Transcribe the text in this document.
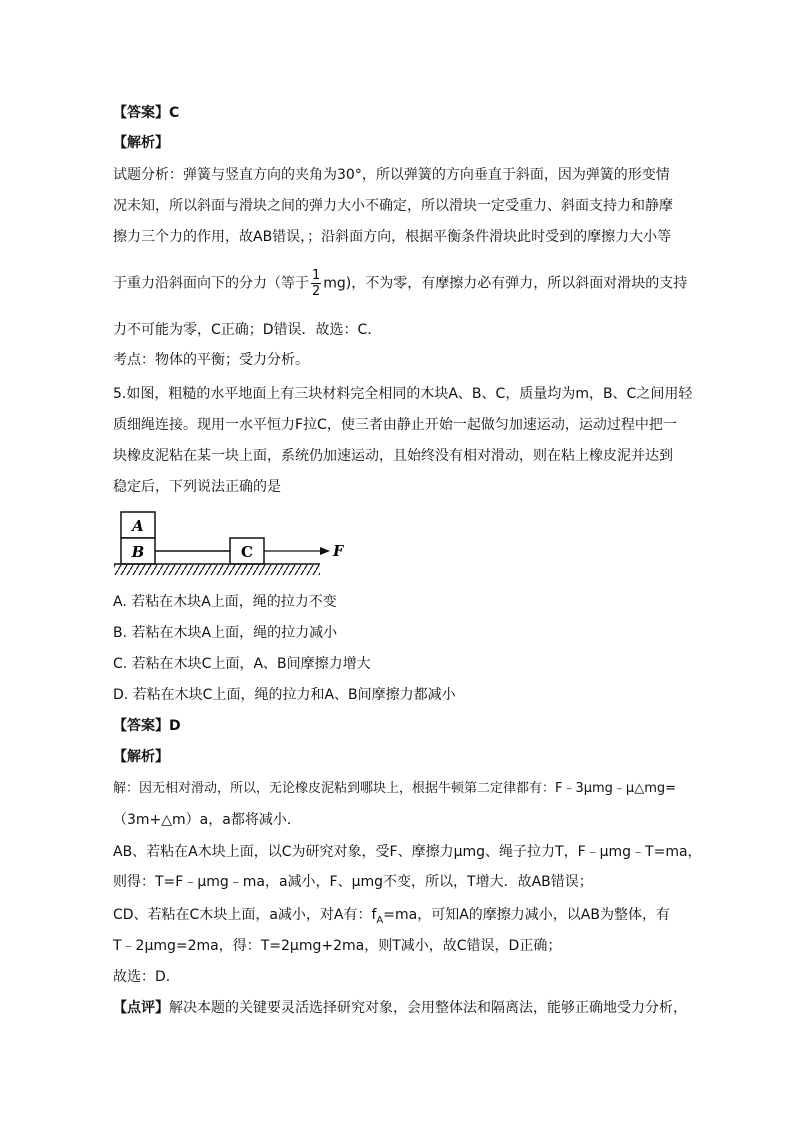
【答案】C
【解析】
试题分析：弹簧与竖直方向的夹角为30°，所以弹簧的方向垂直于斜面，因为弹簧的形变情
况未知，所以斜面与滑块之间的弹力大小不确定，所以滑块一定受重力、斜面支持力和静摩
擦力三个力的作用，故AB错误，；沿斜面方向，根据平衡条件滑块此时受到的摩擦力大小等
于重力沿斜面向下的分力（等于 $\frac{1}{2} mg$)，不为零，有摩擦力必有弹力，所以斜面对滑块的支持
力不可能为零，C正确；D错误．故选：C．
考点：物体的平衡；受力分析。
5.如图，粗糙的水平地面上有三块材料完全相同的木块A、B、C，质量均为m，B、C之间用轻
质细绳连接。现用一水平恒力F拉C，使三者由静止开始一起做匀加速运动，运动过程中把一
块橡皮泥粘在某一块上面，系统仍加速运动，且始终没有相对滑动，则在粘上橡皮泥并达到
稳定后，下列说法正确的是
A
B	C	F
A. 若粘在木块A上面，绳的拉力不变
B. 若粘在木块A上面，绳的拉力减小
C. 若粘在木块C上面，A、B间摩擦力增大
D. 若粘在木块C上面，绳的拉力和A、B间摩擦力都减小
【答案】D
【解析】
解：因无相对滑动，所以，无论橡皮泥粘到哪块上，根据牛顿第二定律都有：F﹣3μmg﹣μ△mg=
（3m+△m）a，a都将减小．
AB、若粘在A木块上面，以C为研究对象，受F、摩擦力μmg、绳子拉力T，F﹣μmg﹣T=ma，
则得：T=F﹣μmg﹣ma，a减小，F、μmg不变，所以，T增大．故AB错误；
CD、若粘在C木块上面，a减小，对A有：$f_A=ma$，可知A的摩擦力减小，以AB为整体，有
T﹣2μmg=2ma，得：T=2μmg+2ma，则T减小，故C错误，D正确；
故选：D．
【点评】解决本题的关键要灵活选择研究对象，会用整体法和隔离法，能够正确地受力分析，
